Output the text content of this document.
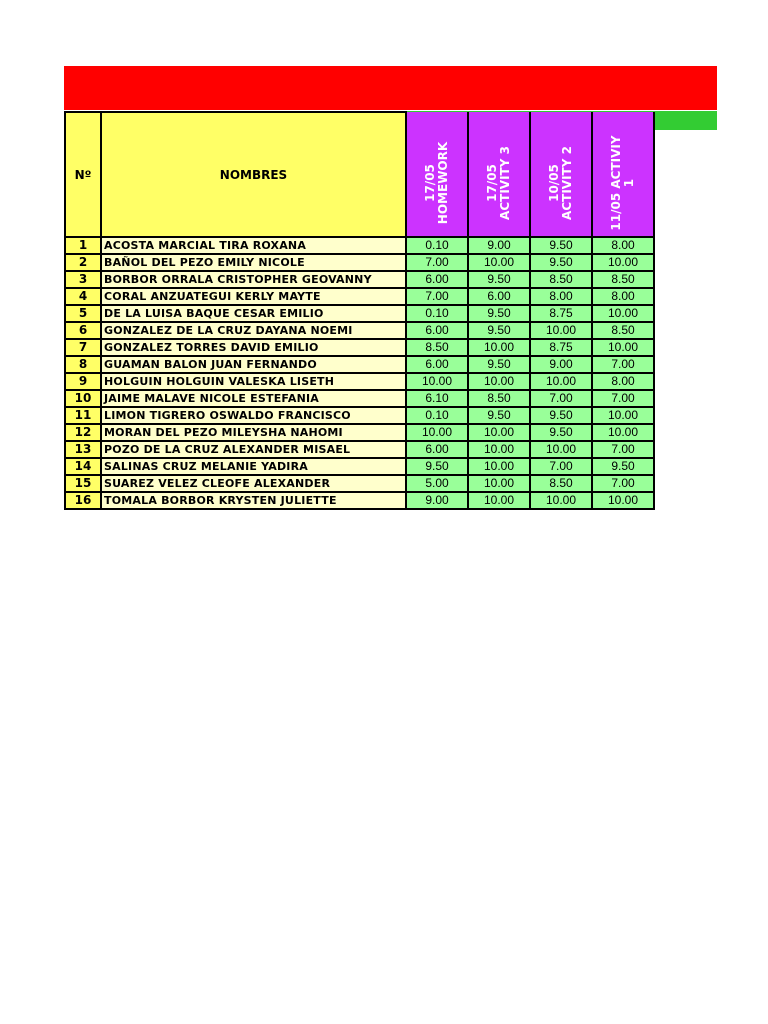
Nº	NOMBRES	17/05 HOMEWORK	17/05 ACTIVITY 3	10/05 ACTIVITY 2	11/05 ACTIVIY 1

1	ACOSTA MARCIAL TIRA ROXANA	0.10	9.00	9.50	8.00
2	BAÑOL DEL PEZO EMILY NICOLE	7.00	10.00	9.50	10.00
3	BORBOR ORRALA CRISTOPHER GEOVANNY	6.00	9.50	8.50	8.50
4	CORAL ANZUATEGUI KERLY MAYTE	7.00	6.00	8.00	8.00
5	DE LA LUISA BAQUE CESAR EMILIO	0.10	9.50	8.75	10.00
6	GONZALEZ DE LA CRUZ DAYANA NOEMI	6.00	9.50	10.00	8.50
7	GONZALEZ TORRES DAVID EMILIO	8.50	10.00	8.75	10.00
8	GUAMAN BALON JUAN FERNANDO	6.00	9.50	9.00	7.00
9	HOLGUIN HOLGUIN VALESKA LISETH	10.00	10.00	10.00	8.00
10	JAIME MALAVE NICOLE ESTEFANIA	6.10	8.50	7.00	7.00
11	LIMON TIGRERO OSWALDO FRANCISCO	0.10	9.50	9.50	10.00
12	MORAN DEL PEZO MILEYSHA NAHOMI	10.00	10.00	9.50	10.00
13	POZO DE LA CRUZ ALEXANDER MISAEL	6.00	10.00	10.00	7.00
14	SALINAS CRUZ MELANIE YADIRA	9.50	10.00	7.00	9.50
15	SUAREZ VELEZ CLEOFE ALEXANDER	5.00	10.00	8.50	7.00
16	TOMALA BORBOR KRYSTEN JULIETTE	9.00	10.00	10.00	10.00
